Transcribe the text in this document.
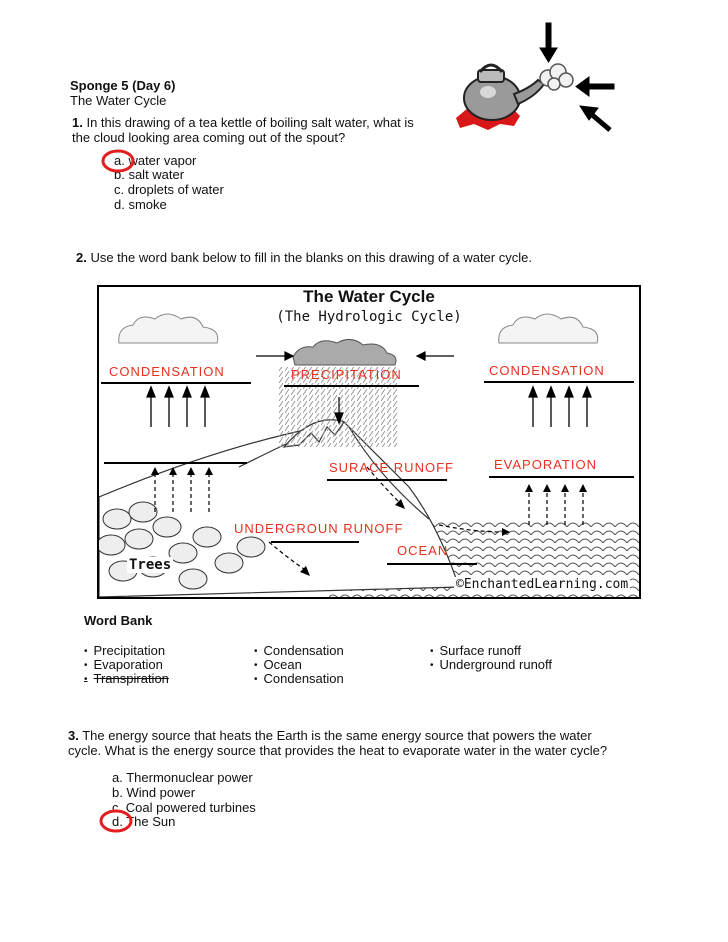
Sponge 5 (Day 6)
The Water Cycle
1. In this drawing of a tea kettle of boiling salt water, what is
the cloud looking area coming out of the spout?
a. water vapor
b. salt water
c. droplets of water
d. smoke
2. Use the word bank below to fill in the blanks on this drawing of a water cycle.
The Water Cycle
(The Hydrologic Cycle)
CONDENSATION	PRECIPITATION	CONDENSATION
SURACE RUNOFF	EVAPORATION
UNDERGROUN RUNOFF
OCEAN
Trees
©EnchantedLearning.com
Word Bank
• Precipitation
• Evaporation
• Transpiration
• Condensation
• Ocean
• Condensation
• Surface runoff
• Underground runoff
3. The energy source that heats the Earth is the same energy source that powers the water
cycle. What is the energy source that provides the heat to evaporate water in the water cycle?
a. Thermonuclear power
b. Wind power
c. Coal powered turbines
d. The Sun
